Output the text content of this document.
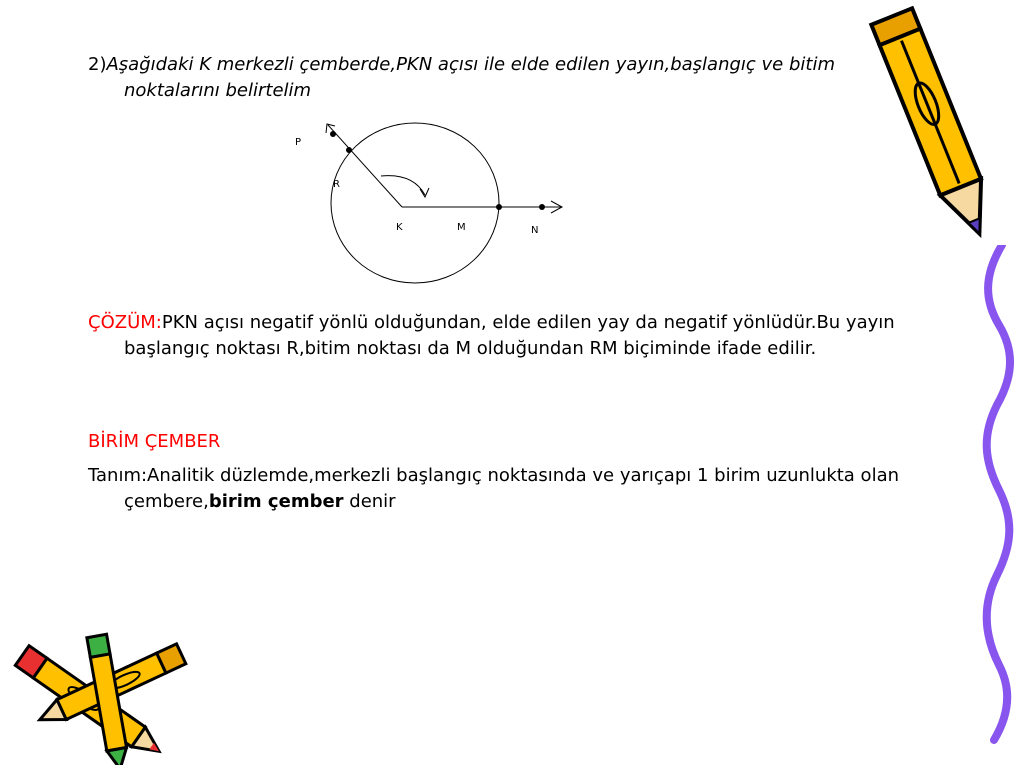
2)Aşağıdaki K merkezli çemberde,PKN açısı ile elde edilen yayın,başlangıç ve bitim noktalarını belirtelim
P
R
K	M	N
ÇÖZÜM:PKN açısı negatif yönlü olduğundan, elde edilen yay da negatif yönlüdür.Bu yayın başlangıç noktası R,bitim noktası da M olduğundan RM biçiminde ifade edilir.
BİRİM ÇEMBER
Tanım:Analitik düzlemde,merkezli başlangıç noktasında ve yarıçapı 1 birim uzunlukta olan çembere,birim çember denir
